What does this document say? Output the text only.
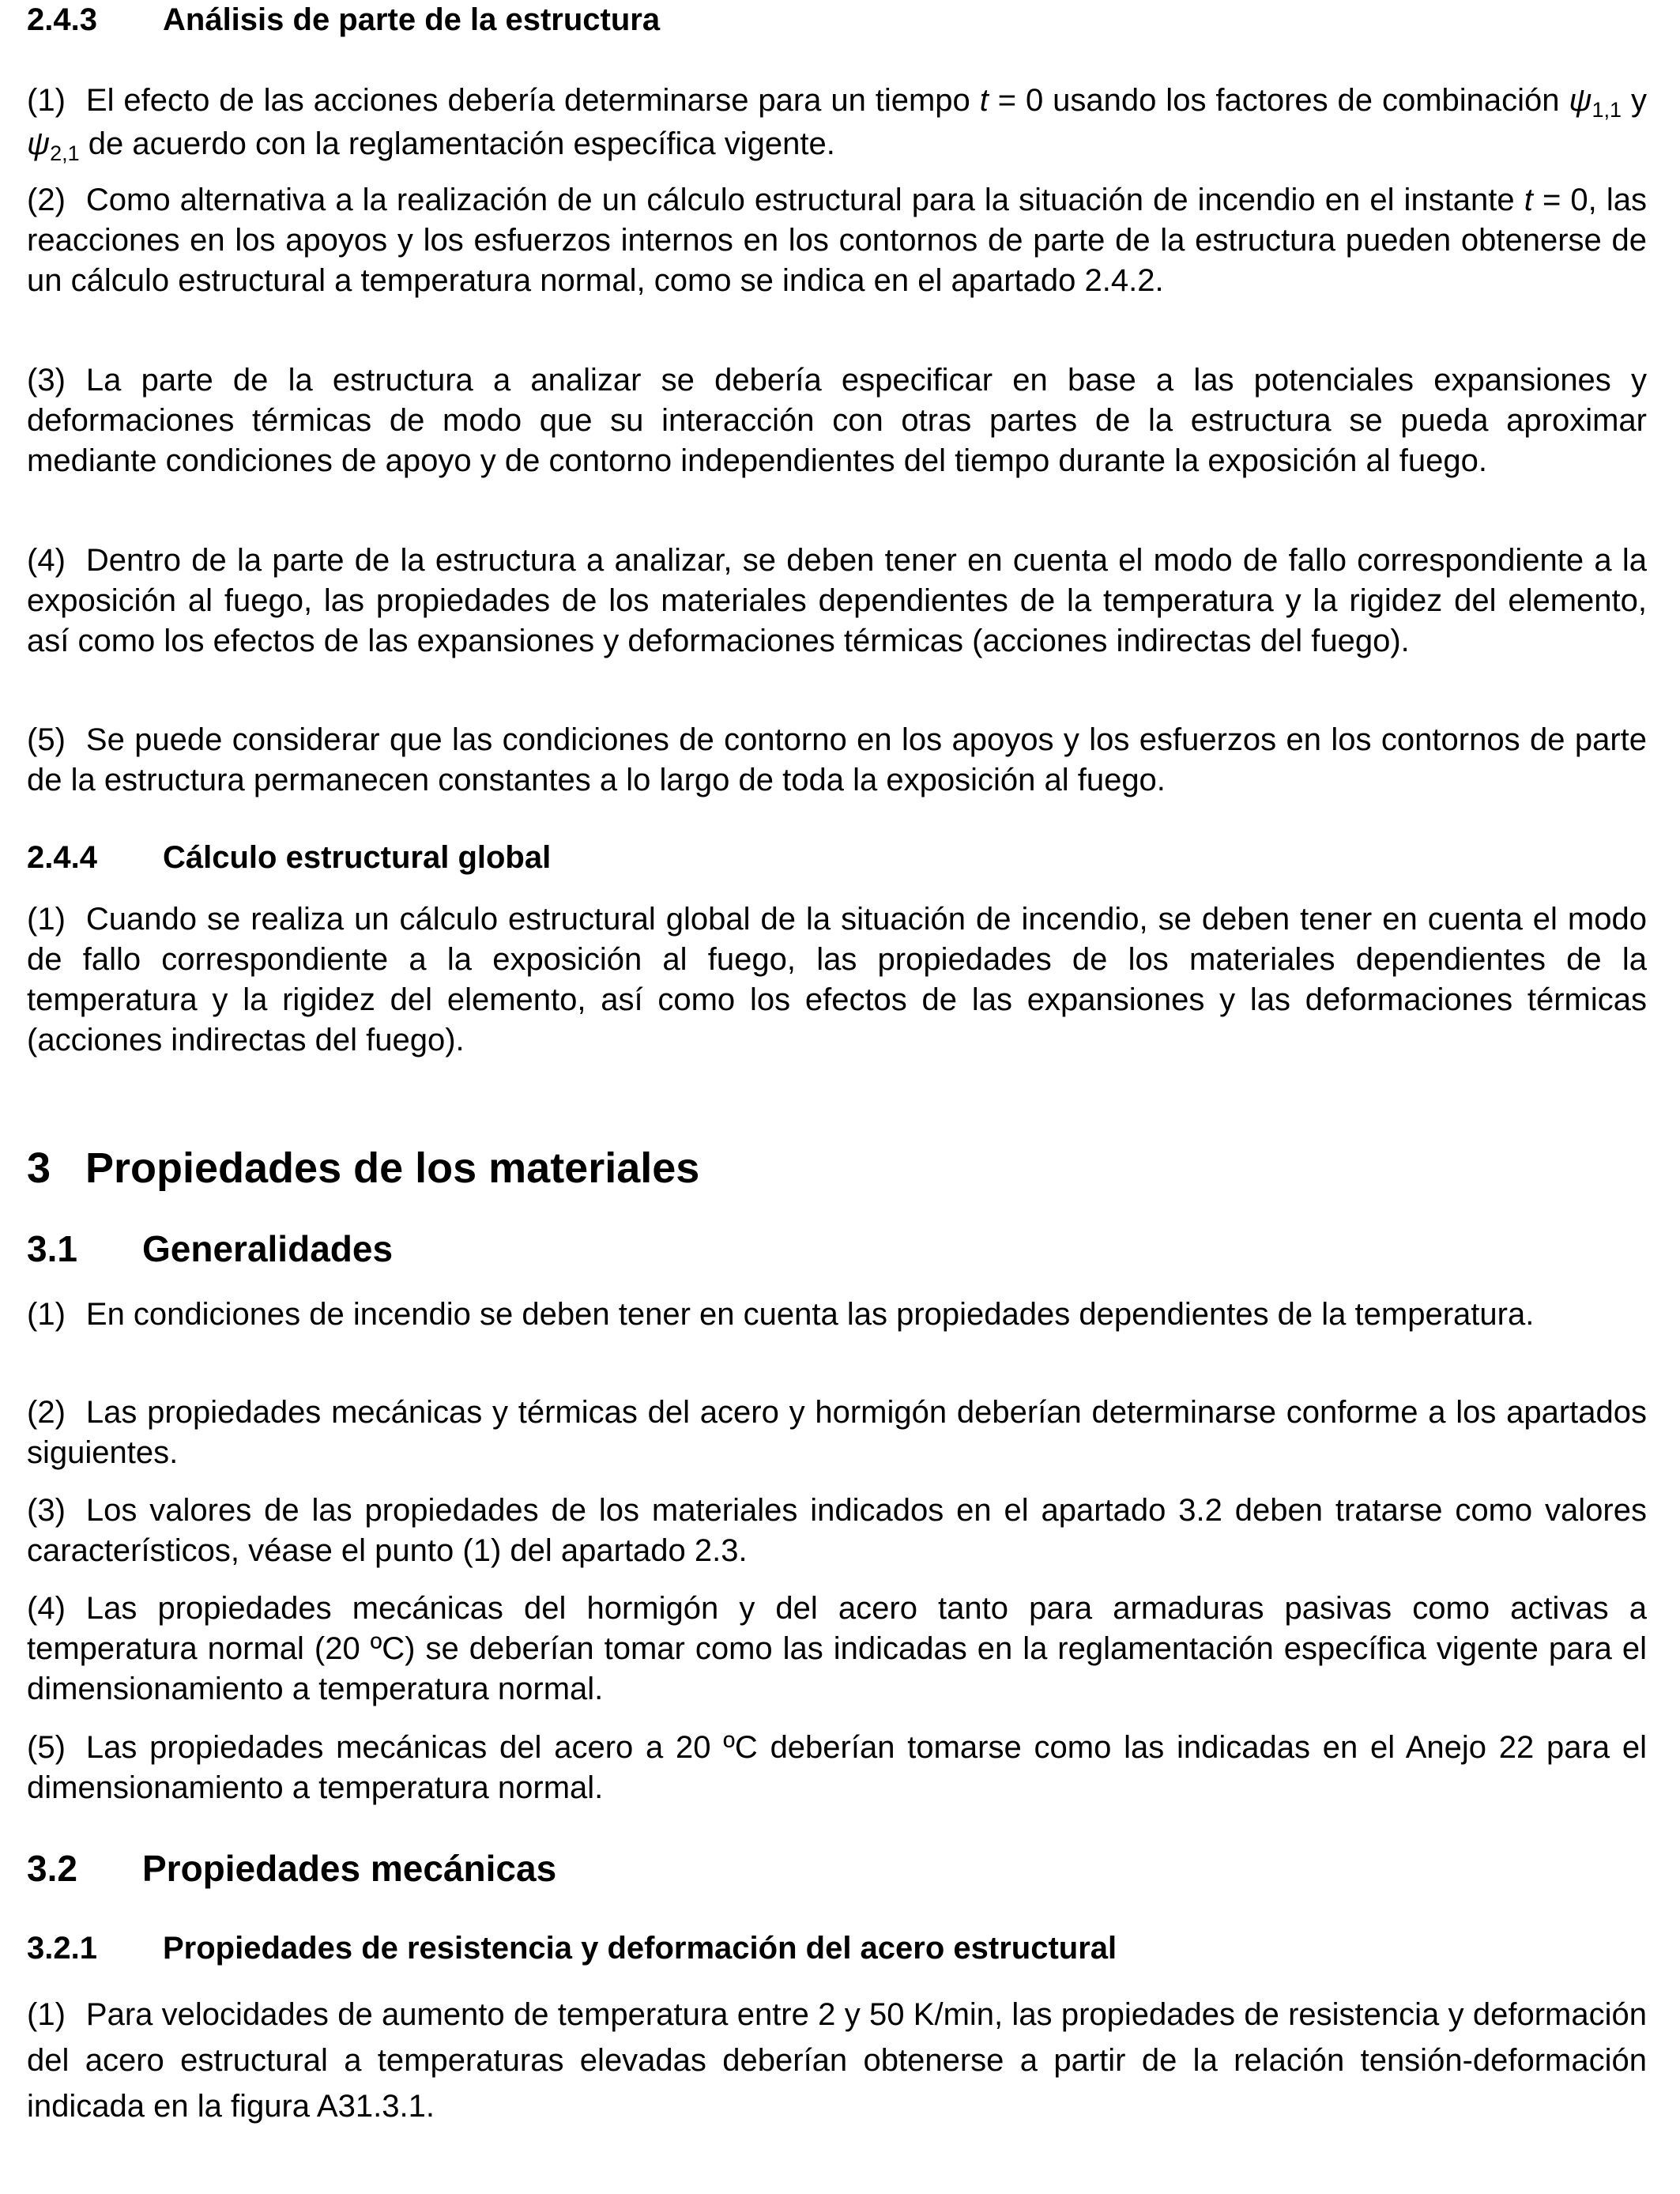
2.4.3	Análisis de parte de la estructura

(1) El efecto de las acciones debería determinarse para un tiempo t = 0 usando los factores de combinación $\psi_{1,1}$ y $\psi_{2,1}$ de acuerdo con la reglamentación específica vigente.

(2) Como alternativa a la realización de un cálculo estructural para la situación de incendio en el instante t = 0, las reacciones en los apoyos y los esfuerzos internos en los contornos de parte de la estructura pueden obtenerse de un cálculo estructural a temperatura normal, como se indica en el apartado 2.4.2.

(3) La parte de la estructura a analizar se debería especificar en base a las potenciales expansiones y deformaciones térmicas de modo que su interacción con otras partes de la estructura se pueda aproximar mediante condiciones de apoyo y de contorno independientes del tiempo durante la exposición al fuego.

(4) Dentro de la parte de la estructura a analizar, se deben tener en cuenta el modo de fallo correspondiente a la exposición al fuego, las propiedades de los materiales dependientes de la temperatura y la rigidez del elemento, así como los efectos de las expansiones y deformaciones térmicas (acciones indirectas del fuego).

(5) Se puede considerar que las condiciones de contorno en los apoyos y los esfuerzos en los contornos de parte de la estructura permanecen constantes a lo largo de toda la exposición al fuego.

2.4.4	Cálculo estructural global

(1) Cuando se realiza un cálculo estructural global de la situación de incendio, se deben tener en cuenta el modo de fallo correspondiente a la exposición al fuego, las propiedades de los materiales dependientes de la temperatura y la rigidez del elemento, así como los efectos de las expansiones y las deformaciones térmicas (acciones indirectas del fuego).

3 Propiedades de los materiales
3.1	Generalidades

(1) En condiciones de incendio se deben tener en cuenta las propiedades dependientes de la temperatura.

(2) Las propiedades mecánicas y térmicas del acero y hormigón deberían determinarse conforme a los apartados siguientes.

(3) Los valores de las propiedades de los materiales indicados en el apartado 3.2 deben tratarse como valores característicos, véase el punto (1) del apartado 2.3.

(4) Las propiedades mecánicas del hormigón y del acero tanto para armaduras pasivas como activas a temperatura normal (20 ºC) se deberían tomar como las indicadas en la reglamentación específica vigente para el dimensionamiento a temperatura normal.

(5) Las propiedades mecánicas del acero a 20 ºC deberían tomarse como las indicadas en el Anejo 22 para el dimensionamiento a temperatura normal.

3.2	Propiedades mecánicas
3.2.1	Propiedades de resistencia y deformación del acero estructural

(1) Para velocidades de aumento de temperatura entre 2 y 50 K/min, las propiedades de resistencia y deformación del acero estructural a temperaturas elevadas deberían obtenerse a partir de la relación tensión-deformación indicada en la figura A31.3.1.
